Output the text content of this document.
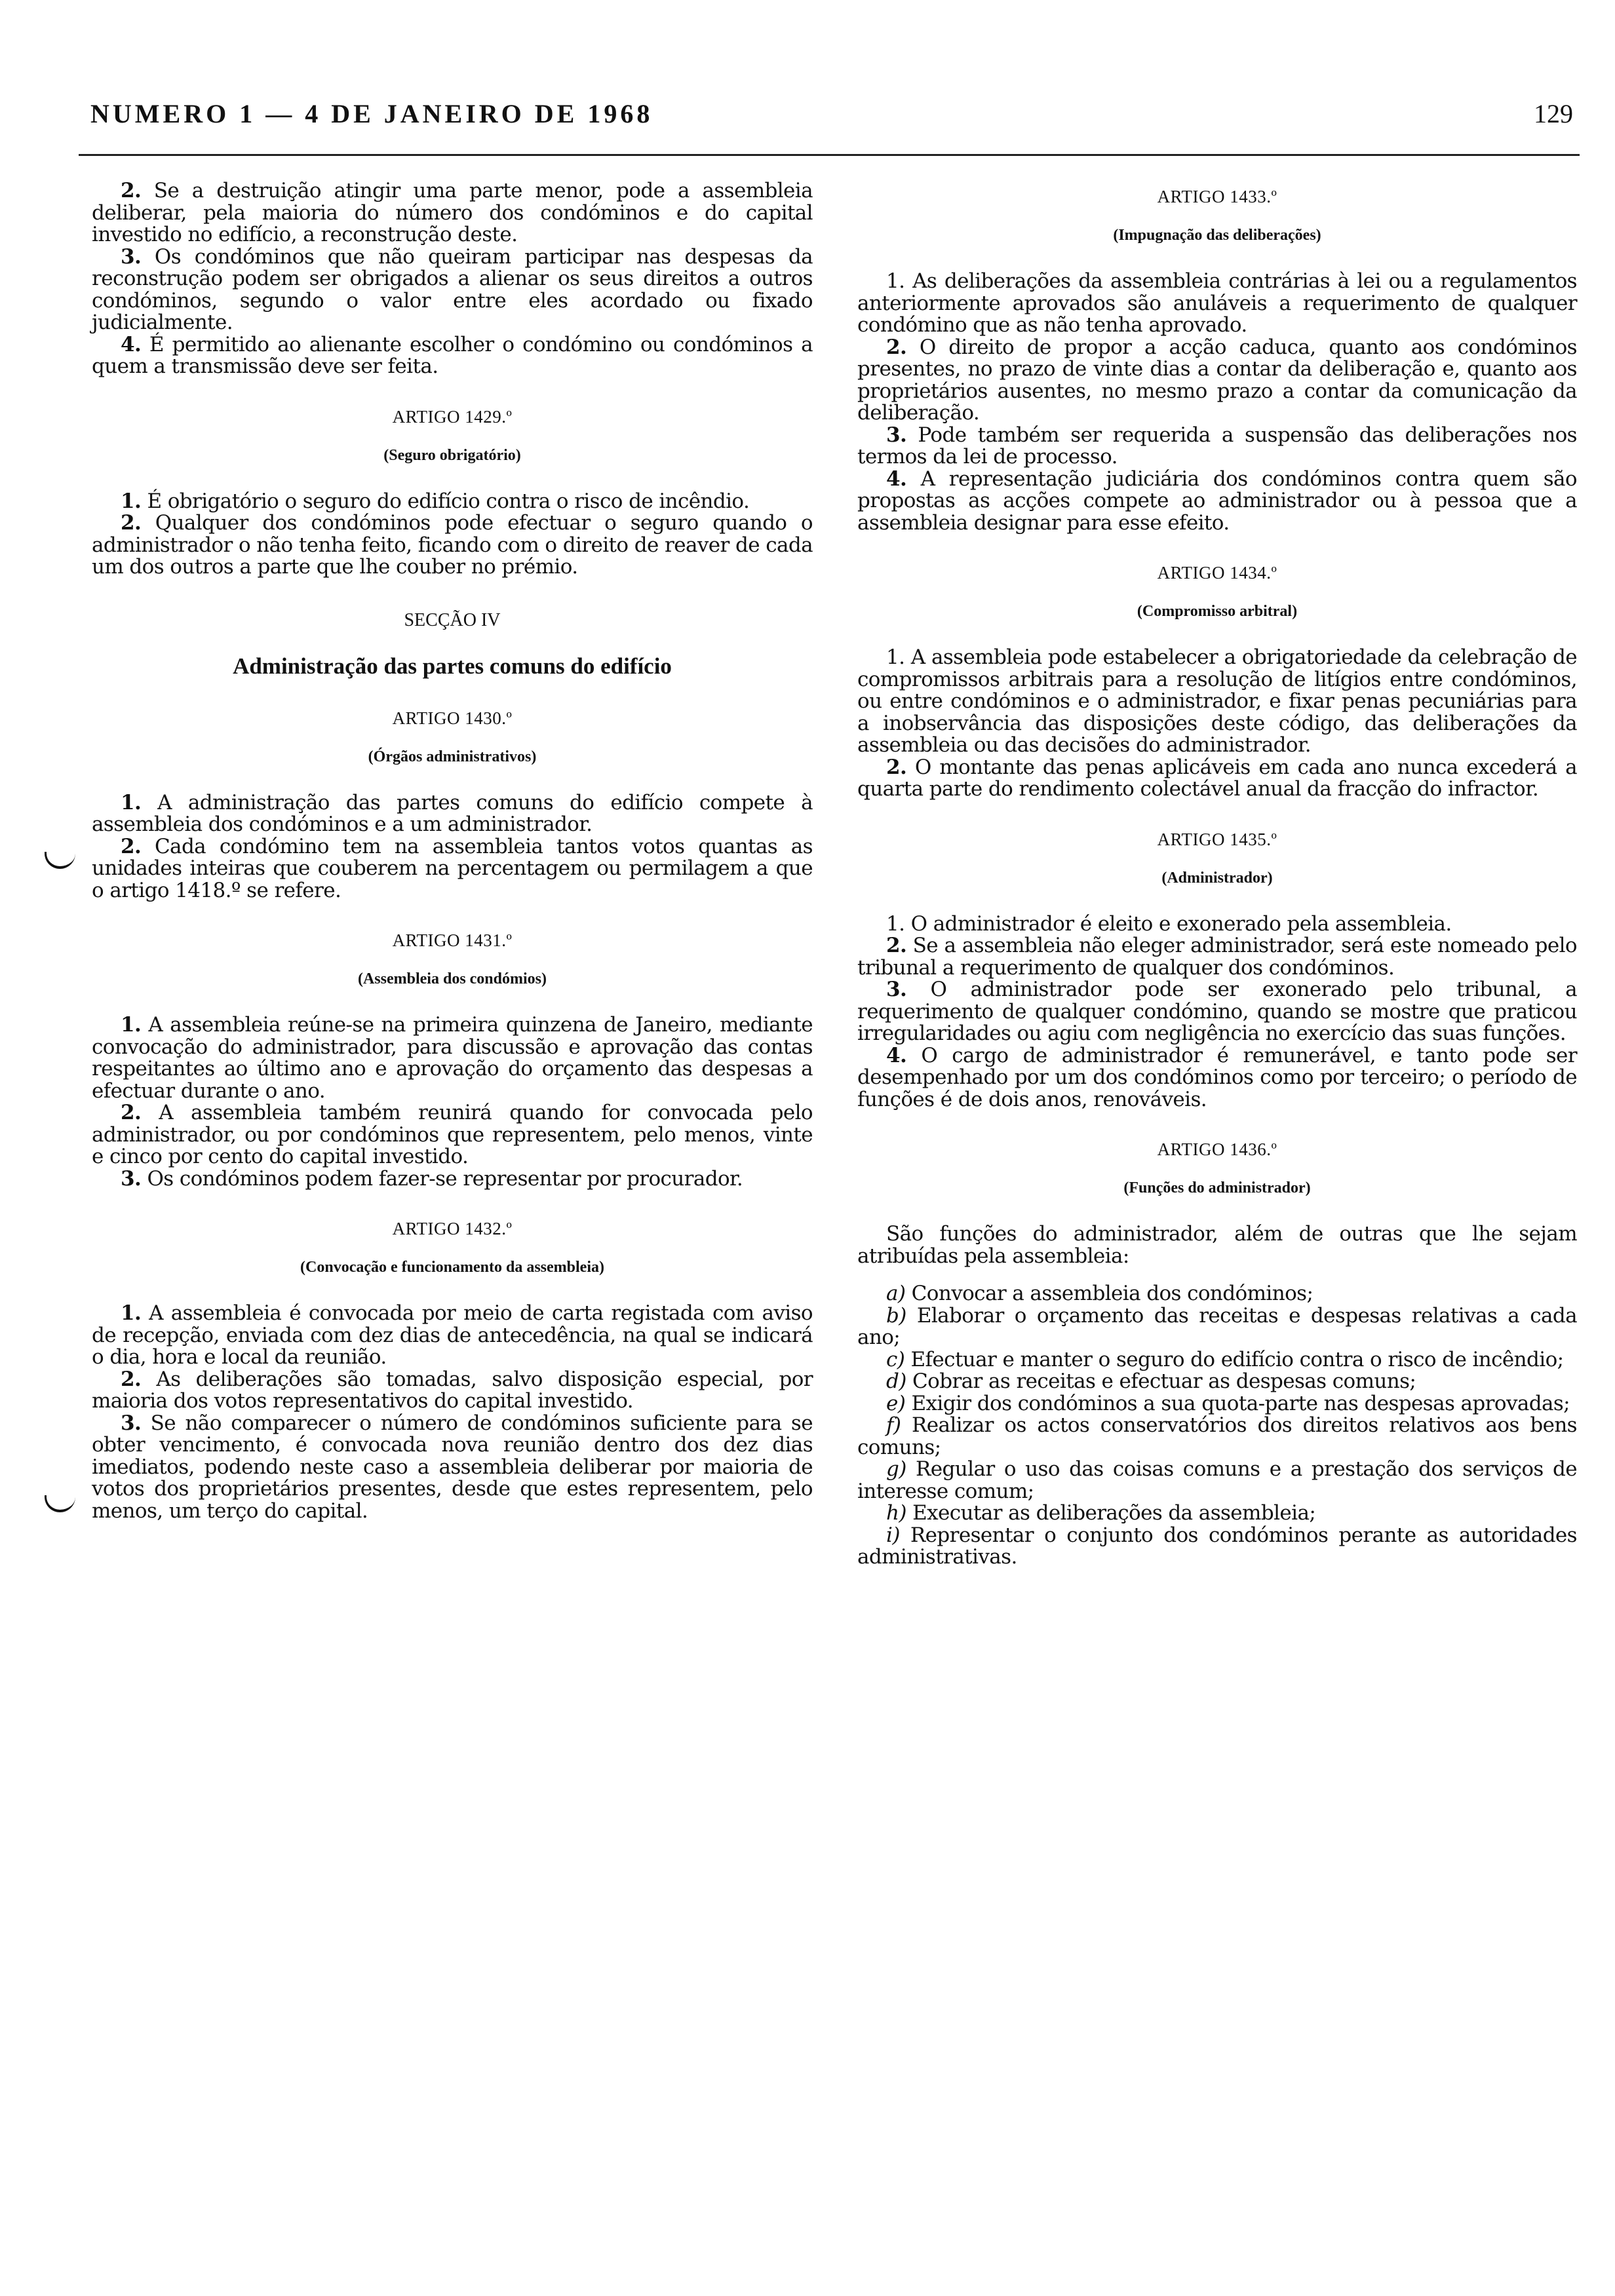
NUMERO 1 — 4 DE JANEIRO DE 1968	129

2. Se a destruição atingir uma parte menor, pode a assembleia deliberar, pela maioria do número dos condóminos e do capital investido no edifício, a reconstrução deste.

3. Os condóminos que não queiram participar nas despesas da reconstrução podem ser obrigados a alienar os seus direitos a outros condóminos, segundo o valor entre eles acordado ou fixado judicialmente.

4. É permitido ao alienante escolher o condómino ou condóminos a quem a transmissão deve ser feita.

ARTIGO 1429.º
(Seguro obrigatório)

1. É obrigatório o seguro do edifício contra o risco de incêndio.

2. Qualquer dos condóminos pode efectuar o seguro quando o administrador o não tenha feito, ficando com o direito de reaver de cada um dos outros a parte que lhe couber no prémio.

SECÇÃO IV
Administração das partes comuns do edifício
ARTIGO 1430.º
(Órgãos administrativos)

1. A administração das partes comuns do edifício compete à assembleia dos condóminos e a um administrador.

2. Cada condómino tem na assembleia tantos votos quantas as unidades inteiras que couberem na percentagem ou permilagem a que o artigo 1418.º se refere.

ARTIGO 1431.º
(Assembleia dos condómios)

1. A assembleia reúne-se na primeira quinzena de Janeiro, mediante convocação do administrador, para discussão e aprovação das contas respeitantes ao último ano e aprovação do orçamento das despesas a efectuar durante o ano.

2. A assembleia também reunirá quando for convocada pelo administrador, ou por condóminos que representem, pelo menos, vinte e cinco por cento do capital investido.

3. Os condóminos podem fazer-se representar por procurador.

ARTIGO 1432.º
(Convocação e funcionamento da assembleia)

1. A assembleia é convocada por meio de carta registada com aviso de recepção, enviada com dez dias de antecedência, na qual se indicará o dia, hora e local da reunião.

2. As deliberações são tomadas, salvo disposição especial, por maioria dos votos representativos do capital investido.

3. Se não comparecer o número de condóminos suficiente para se obter vencimento, é convocada nova reunião dentro dos dez dias imediatos, podendo neste caso a assembleia deliberar por maioria de votos dos proprietários presentes, desde que estes representem, pelo menos, um terço do capital.

ARTIGO 1433.º
(Impugnação das deliberações)

1. As deliberações da assembleia contrárias à lei ou a regulamentos anteriormente aprovados são anuláveis a requerimento de qualquer condómino que as não tenha aprovado.

2. O direito de propor a acção caduca, quanto aos condóminos presentes, no prazo de vinte dias a contar da deliberação e, quanto aos proprietários ausentes, no mesmo prazo a contar da comunicação da deliberação.

3. Pode também ser requerida a suspensão das deliberações nos termos da lei de processo.

4. A representação judiciária dos condóminos contra quem são propostas as acções compete ao administrador ou à pessoa que a assembleia designar para esse efeito.

ARTIGO 1434.º
(Compromisso arbitral)

1. A assembleia pode estabelecer a obrigatoriedade da celebração de compromissos arbitrais para a resolução de litígios entre condóminos, ou entre condóminos e o administrador, e fixar penas pecuniárias para a inobservância das disposições deste código, das deliberações da assembleia ou das decisões do administrador.

2. O montante das penas aplicáveis em cada ano nunca excederá a quarta parte do rendimento colectável anual da fracção do infractor.

ARTIGO 1435.º
(Administrador)

1. O administrador é eleito e exonerado pela assembleia.

2. Se a assembleia não eleger administrador, será este nomeado pelo tribunal a requerimento de qualquer dos condóminos.

3. O administrador pode ser exonerado pelo tribunal, a requerimento de qualquer condómino, quando se mostre que praticou irregularidades ou agiu com negligência no exercício das suas funções.

4. O cargo de administrador é remunerável, e tanto pode ser desempenhado por um dos condóminos como por terceiro; o período de funções é de dois anos, renováveis.

ARTIGO 1436.º
(Funções do administrador)

São funções do administrador, além de outras que lhe sejam atribuídas pela assembleia:

a) Convocar a assembleia dos condóminos;

b) Elaborar o orçamento das receitas e despesas relativas a cada ano;

c) Efectuar e manter o seguro do edifício contra o risco de incêndio;

d) Cobrar as receitas e efectuar as despesas comuns;

e) Exigir dos condóminos a sua quota-parte nas despesas aprovadas;

f) Realizar os actos conservatórios dos direitos relativos aos bens comuns;

g) Regular o uso das coisas comuns e a prestação dos serviços de interesse comum;

h) Executar as deliberações da assembleia;

i) Representar o conjunto dos condóminos perante as autoridades administrativas.
